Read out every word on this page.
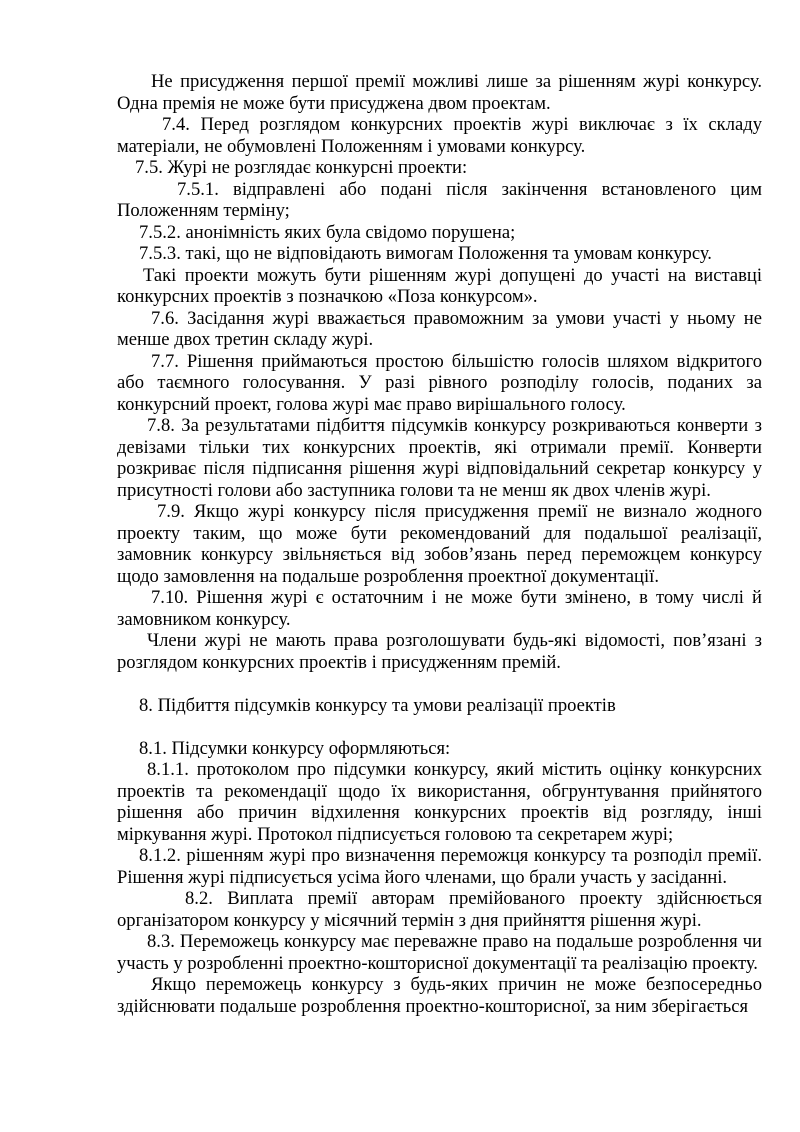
Не присудження першої премії можливі лише за рішенням журі конкурсу. Одна премія не може бути присуджена двом проектам.

7.4. Перед розглядом конкурсних проектів журі виключає з їх складу матеріали, не обумовлені Положенням і умовами конкурсу.

7.5. Журі не розглядає конкурсні проекти:

7.5.1. відправлені або подані після закінчення встановленого цим Положенням терміну;

7.5.2. анонімність яких була свідомо порушена;

7.5.3. такі, що не відповідають вимогам Положення та умовам конкурсу.

Такі проекти можуть бути рішенням журі допущені до участі на виставці конкурсних проектів з позначкою «Поза конкурсом».

7.6. Засідання журі вважається правоможним за умови участі у ньому не менше двох третин складу журі.

7.7. Рішення приймаються простою більшістю голосів шляхом відкритого або таємного голосування. У разі рівного розподілу голосів, поданих за конкурсний проект, голова журі має право вирішального голосу.

7.8. За результатами підбиття підсумків конкурсу розкриваються конверти з девізами тільки тих конкурсних проектів, які отримали премії. Конверти розкриває після підписання рішення журі відповідальний секретар конкурсу у присутності голови або заступника голови та не менш як двох членів журі.

7.9. Якщо журі конкурсу після присудження премії не визнало жодного проекту таким, що може бути рекомендований для подальшої реалізації, замовник конкурсу звільняється від зобов’язань перед переможцем конкурсу щодо замовлення на подальше розроблення проектної документації.

7.10. Рішення журі є остаточним і не може бути змінено, в тому числі й замовником конкурсу.

Члени журі не мають права розголошувати будь-які відомості, пов’язані з розглядом конкурсних проектів і присудженням премій.

8. Підбиття підсумків конкурсу та умови реалізації проектів

8.1. Підсумки конкурсу оформляються:

8.1.1. протоколом про підсумки конкурсу, який містить оцінку конкурсних проектів та рекомендації щодо їх використання, обгрунтування прийнятого рішення або причин відхилення конкурсних проектів від розгляду, інші міркування журі. Протокол підписується головою та секретарем журі;

8.1.2. рішенням журі про визначення переможця конкурсу та розподіл премії. Рішення журі підписується усіма його членами, що брали участь у засіданні.

8.2. Виплата премії авторам премійованого проекту здійснюється організатором конкурсу у місячний термін з дня прийняття рішення журі.

8.3. Переможець конкурсу має переважне право на подальше розроблення чи участь у розробленні проектно-кошторисної документації та реалізацію проекту.

Якщо переможець конкурсу з будь-яких причин не може безпосередньо здійснювати подальше розроблення проектно-кошторисної, за ним зберігається
